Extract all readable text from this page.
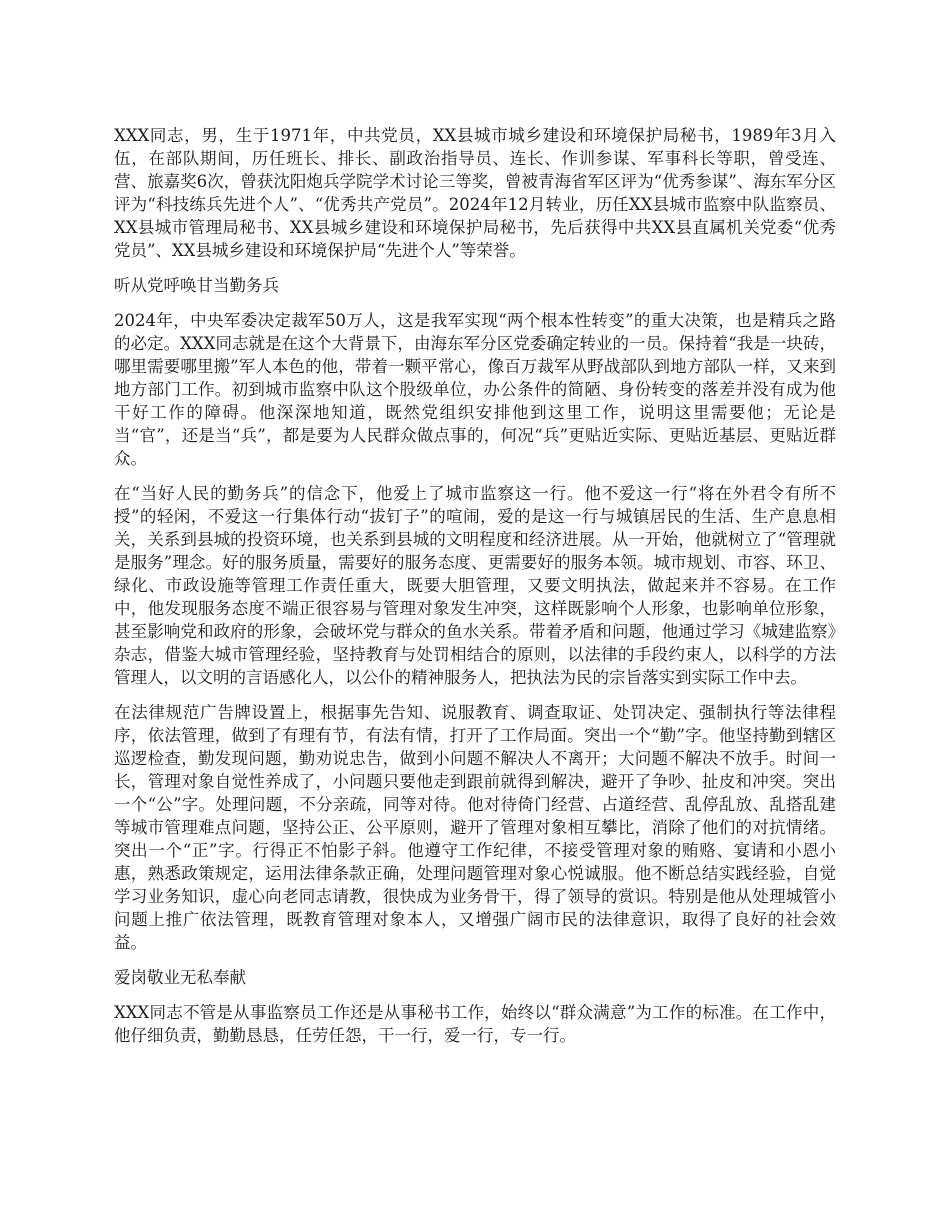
XXX同志，男，生于1971年，中共党员，XX县城市城乡建设和环境保护局秘书，1989年3月入伍，在部队期间，历任班长、排长、副政治指导员、连长、作训参谋、军事科长等职，曾受连、营、旅嘉奖6次，曾获沈阳炮兵学院学术讨论三等奖，曾被青海省军区评为“优秀参谋”、海东军分区评为“科技练兵先进个人”、“优秀共产党员”。2024年12月转业，历任XX县城市监察中队监察员、XX县城市管理局秘书、XX县城乡建设和环境保护局秘书，先后获得中共XX县直属机关党委“优秀党员”、XX县城乡建设和环境保护局“先进个人”等荣誉。

听从党呼唤甘当勤务兵

2024年，中央军委决定裁军50万人，这是我军实现“两个根本性转变”的重大决策，也是精兵之路的必定。XXX同志就是在这个大背景下，由海东军分区党委确定转业的一员。保持着“我是一块砖，哪里需要哪里搬”军人本色的他，带着一颗平常心，像百万裁军从野战部队到地方部队一样，又来到地方部门工作。初到城市监察中队这个股级单位，办公条件的简陋、身份转变的落差并没有成为他干好工作的障碍。他深深地知道，既然党组织安排他到这里工作，说明这里需要他；无论是当“官”，还是当“兵”，都是要为人民群众做点事的，何况“兵”更贴近实际、更贴近基层、更贴近群众。

在“当好人民的勤务兵”的信念下，他爱上了城市监察这一行。他不爱这一行“将在外君令有所不授”的轻闲，不爱这一行集体行动“拔钉子”的喧闹，爱的是这一行与城镇居民的生活、生产息息相关，关系到县城的投资环境，也关系到县城的文明程度和经济进展。从一开始，他就树立了“管理就是服务”理念。好的服务质量，需要好的服务态度、更需要好的服务本领。城市规划、市容、环卫、绿化、市政设施等管理工作责任重大，既要大胆管理，又要文明执法，做起来并不容易。在工作中，他发现服务态度不端正很容易与管理对象发生冲突，这样既影响个人形象，也影响单位形象，甚至影响党和政府的形象，会破坏党与群众的鱼水关系。带着矛盾和问题，他通过学习《城建监察》杂志，借鉴大城市管理经验，坚持教育与处罚相结合的原则，以法律的手段约束人，以科学的方法管理人，以文明的言语感化人，以公仆的精神服务人，把执法为民的宗旨落实到实际工作中去。

在法律规范广告牌设置上，根据事先告知、说服教育、调查取证、处罚决定、强制执行等法律程序，依法管理，做到了有理有节，有法有情，打开了工作局面。突出一个“勤”字。他坚持勤到辖区巡逻检查，勤发现问题，勤劝说忠告，做到小问题不解决人不离开；大问题不解决不放手。时间一长，管理对象自觉性养成了，小问题只要他走到跟前就得到解决，避开了争吵、扯皮和冲突。突出一个“公”字。处理问题，不分亲疏，同等对待。他对待倚门经营、占道经营、乱停乱放、乱搭乱建等城市管理难点问题，坚持公正、公平原则，避开了管理对象相互攀比，消除了他们的对抗情绪。突出一个“正”字。行得正不怕影子斜。他遵守工作纪律，不接受管理对象的贿赂、宴请和小恩小惠，熟悉政策规定，运用法律条款正确，处理问题管理对象心悦诚服。他不断总结实践经验，自觉学习业务知识，虚心向老同志请教，很快成为业务骨干，得了领导的赏识。特别是他从处理城管小问题上推广依法管理，既教育管理对象本人，又增强广阔市民的法律意识，取得了良好的社会效益。

爱岗敬业无私奉献

XXX同志不管是从事监察员工作还是从事秘书工作，始终以“群众满意”为工作的标准。在工作中，他仔细负责，勤勤恳恳，任劳任怨，干一行，爱一行，专一行。
